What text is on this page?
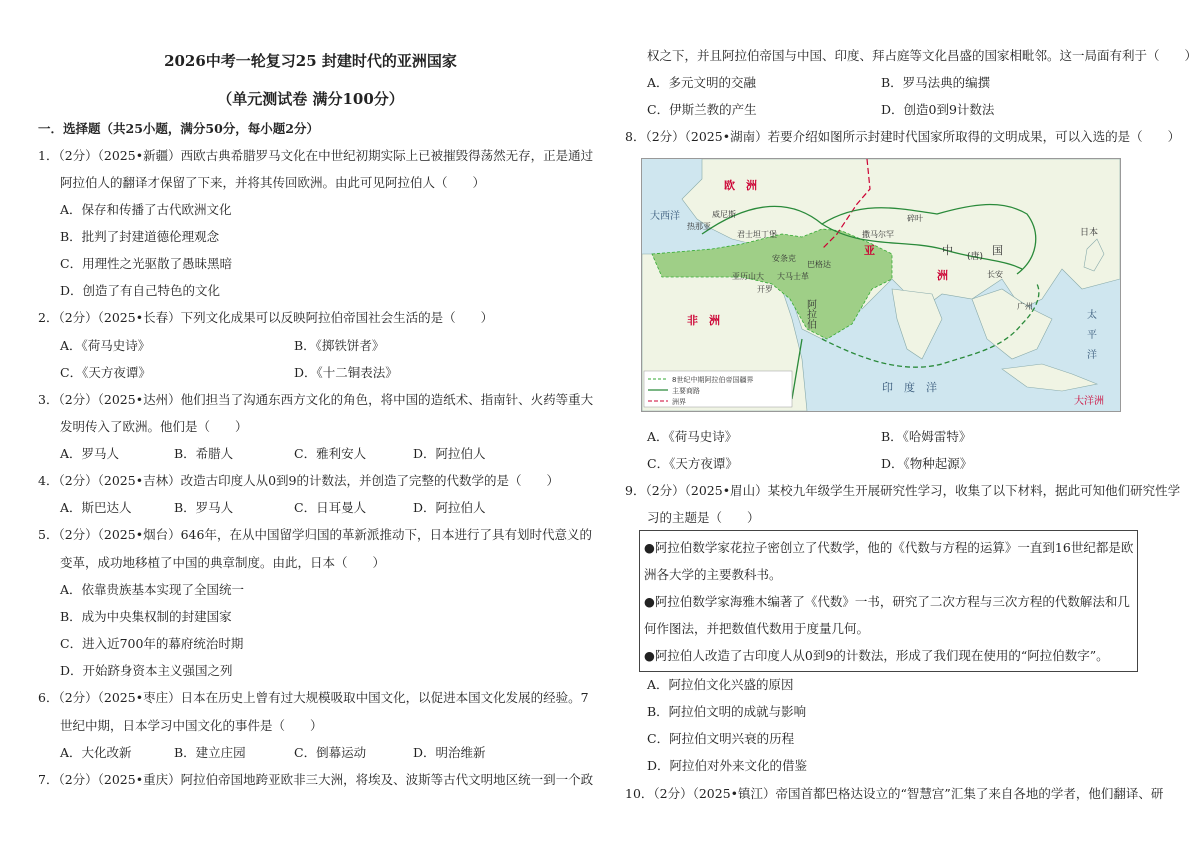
2026中考一轮复习25 封建时代的亚洲国家
（单元测试卷 满分100分）
一．选择题（共25小题，满分50分，每小题2分）
1．（2分）（2025•新疆）西欧古典希腊罗马文化在中世纪初期实际上已被摧毁得荡然无存，正是通过
阿拉伯人的翻译才保留了下来，并将其传回欧洲。由此可见阿拉伯人（　　）
A．保存和传播了古代欧洲文化
B．批判了封建道德伦理观念
C．用理性之光驱散了愚昧黑暗
D．创造了有自己特色的文化
2．（2分）（2025•长春）下列文化成果可以反映阿拉伯帝国社会生活的是（　　）
A．《荷马史诗》	B．《掷铁饼者》
C．《天方夜谭》	D．《十二铜表法》
3．（2分）（2025•达州）他们担当了沟通东西方文化的角色，将中国的造纸术、指南针、火药等重大
发明传入了欧洲。他们是（　　）
A．罗马人	B．希腊人	C．雅利安人	D．阿拉伯人
4．（2分）（2025•吉林）改造古印度人从0到9的计数法，并创造了完整的代数学的是（　　）
A．斯巴达人	B．罗马人	C．日耳曼人	D．阿拉伯人
5．（2分）（2025•烟台）646年，在从中国留学归国的革新派推动下，日本进行了具有划时代意义的
变革，成功地移植了中国的典章制度。由此，日本（　　）
A．依靠贵族基本实现了全国统一
B．成为中央集权制的封建国家
C．进入近700年的幕府统治时期
D．开始跻身资本主义强国之列
6．（2分）（2025•枣庄）日本在历史上曾有过大规模吸取中国文化，以促进本国文化发展的经验。7
世纪中期，日本学习中国文化的事件是（　　）
A．大化改新	B．建立庄园	C．倒幕运动	D．明治维新
7．（2分）（2025•重庆）阿拉伯帝国地跨亚欧非三大洲，将埃及、波斯等古代文明地区统一到一个政
权之下，并且阿拉伯帝国与中国、印度、拜占庭等文化昌盛的国家相毗邻。这一局面有利于（　　）
A．多元文明的交融	B．罗马法典的编撰
C．伊斯兰教的产生	D．创造0到9计数法
8．（2分）（2025•湖南）若要介绍如图所示封建时代国家所取得的文明成果，可以入选的是（　　）
大西洋
欧　洲
亚
洲
非　洲
中 (唐) 国
印　度　洋
太　平　洋
大洋洲
日本
热那亚
威尼斯
君士坦丁堡
安条克
巴格达
亚历山大 大马士革
开罗
撒马尔罕
碎叶
长安
广州
阿拉伯
8世纪中期阿拉伯帝国疆界
主要商路
洲界
A．《荷马史诗》	B．《哈姆雷特》
C．《天方夜谭》	D．《物种起源》
9．（2分）（2025•眉山）某校九年级学生开展研究性学习，收集了以下材料，据此可知他们研究性学
习的主题是（　　）
●阿拉伯数学家花拉子密创立了代数学，他的《代数与方程的运算》一直到16世纪都是欧
洲各大学的主要教科书。
●阿拉伯数学家海雅木编著了《代数》一书，研究了二次方程与三次方程的代数解法和几
何作图法，并把数值代数用于度量几何。
●阿拉伯人改造了古印度人从0到9的计数法，形成了我们现在使用的“阿拉伯数字”。
A．阿拉伯文化兴盛的原因
B．阿拉伯文明的成就与影响
C．阿拉伯文明兴衰的历程
D．阿拉伯对外来文化的借鉴
10．（2分）（2025•镇江）帝国首都巴格达设立的“智慧宫”汇集了来自各地的学者，他们翻译、研
